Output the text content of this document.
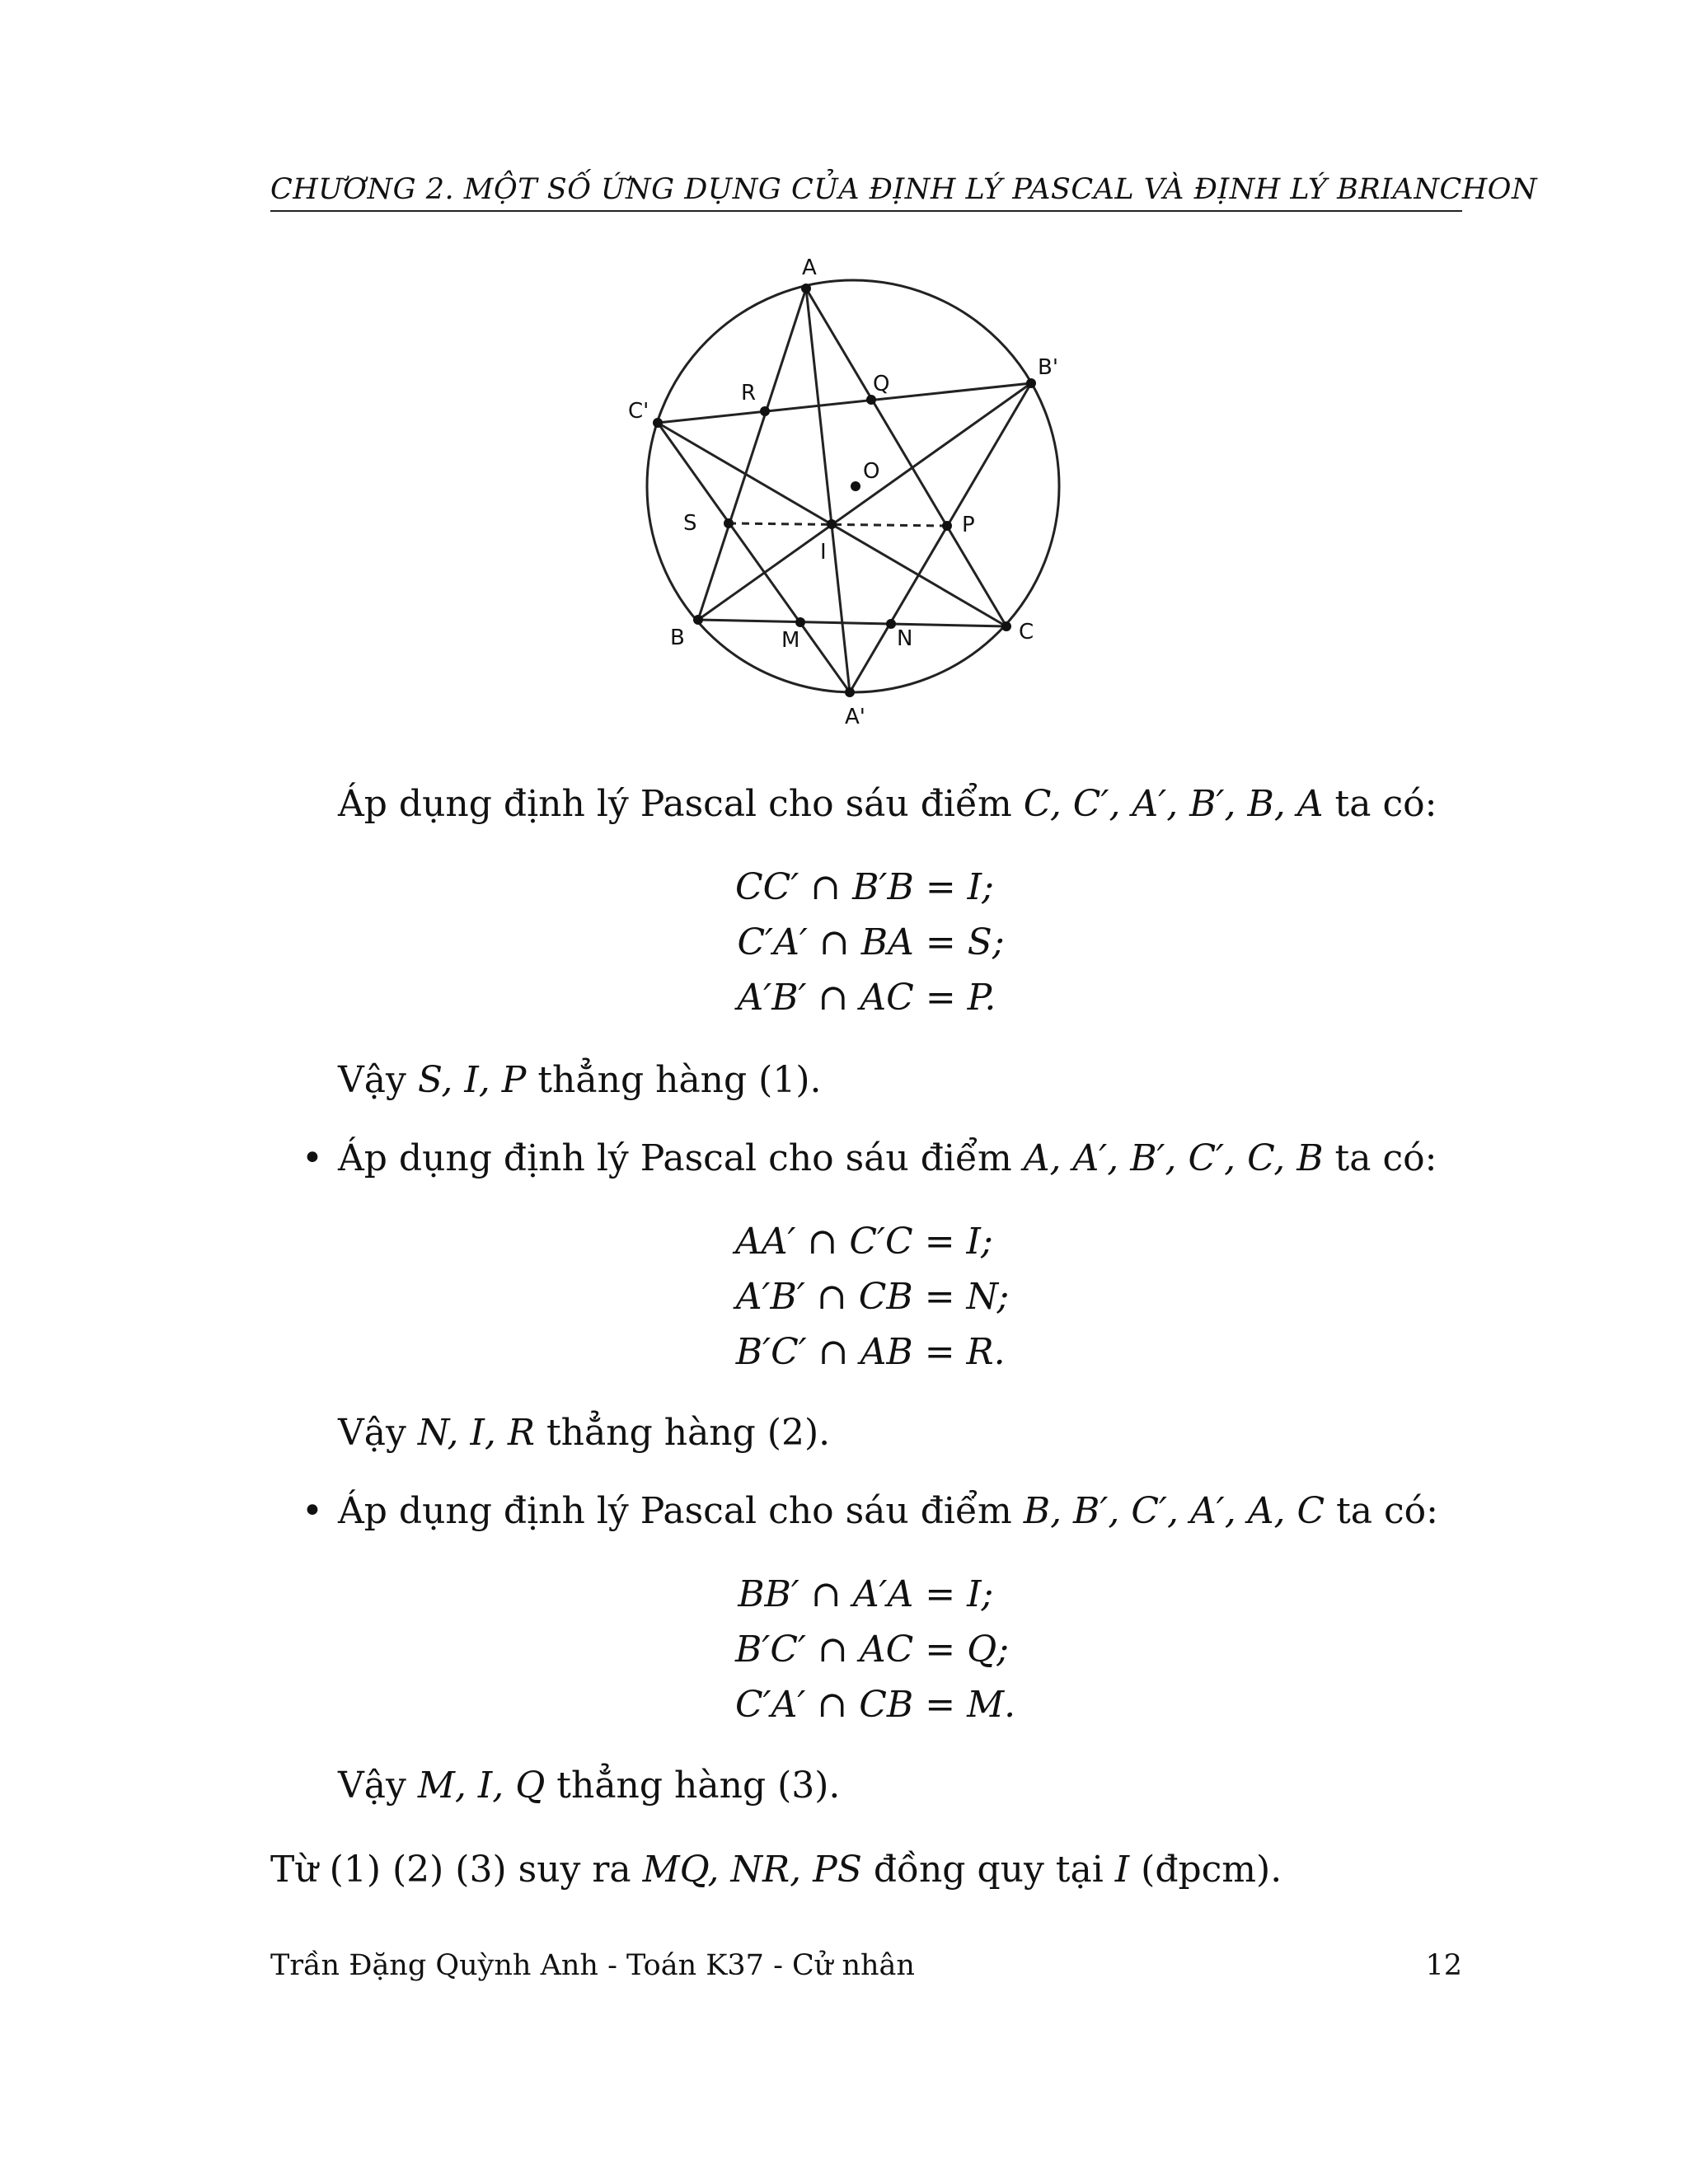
CHƯƠNG 2. MỘT SỐ ỨNG DỤNG CỦA ĐỊNH LÝ PASCAL VÀ ĐỊNH LÝ BRIANCHON
A
B'
C'
R	Q
O
S
I
P
B	M	N	C
A'
Áp dụng định lý Pascal cho sáu điểm C, C′, A′, B′, B, A ta có:
CC′ ∩ B′B	= I;
C′A′ ∩ BA	= S;
A′B′ ∩ AC	= P.
Vậy S, I, P thẳng hàng (1).
• Áp dụng định lý Pascal cho sáu điểm A, A′, B′, C′, C, B ta có:
AA′ ∩ C′C	= I;
A′B′ ∩ CB	= N;
B′C′ ∩ AB	= R.
Vậy N, I, R thẳng hàng (2).
• Áp dụng định lý Pascal cho sáu điểm B, B′, C′, A′, A, C ta có:
BB′ ∩ A′A	= I;
B′C′ ∩ AC	= Q;
C′A′ ∩ CB	= M.
Vậy M, I, Q thẳng hàng (3).
Từ (1) (2) (3) suy ra MQ, NR, PS đồng quy tại I (đpcm).
Trần Đặng Quỳnh Anh - Toán K37 - Cử nhân	12
